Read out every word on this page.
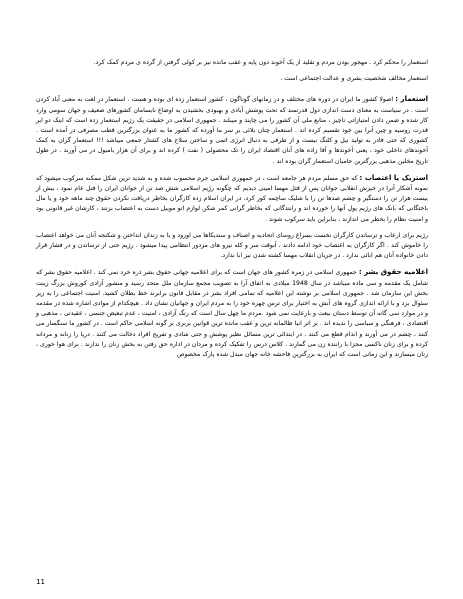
استعمار را محکم کرد . مهجور بودن مردم و تقلید از یک آخوند دون پایه و عقب مانده نیز بر کولی گرفتن از گرده ی مردم کمک کرد.

استعمار مخالف شخصیت بشری و عدالت اجتماعی است .

استعمار : اصولا کشور ما ایران در دوره های مختلف و در زمانهای گوناگون ، کشور استعمار زده ای بوده و هست . استعمار در لغت به معنی آباد کردن است . در سیاست به معنای دست اندازی دول قدرتمند که تحت پوشش آبادی و بهبودی بخشیدن به اوضاع نابسامان کشورهای ضعیف و جهان سومی وارد کار شده و ضمن دادن امتیازاتی ناچیز ، منابع ملی آن کشور را می چاپند و میبلند . جمهوری اسلامی در حقیقت یک رژیم استعمار زده است که اینک دو ابر قدرت روسیه و چین آنرا بین خود تقسیم کرده اند . استعمار چنان بلائی بر سر ما آورده که کشور ما به عنوان بزرگترین قطب مصرفی در آمده است . کشوری که حتی قادر به تولید نیل و کلنگ نیست و از طرفی به دنبال انرژی اتمی و ساختن سلاح های کشتار جمعی میباشد !!! استعمار گران به کمک آخوندهای داخلی خود ، یعنی آخوندها و آقا زاده های آنان اقتصاد ایران را تک محصولی ( نفت ) کرده اند و برای آن هزار بامبول در می آورند . در طول تاریخ مخلین مذهبی بزرگترین حامیان استعمار گران بوده اند .

استریک یا اعتصاب : که حق مسلم مردم هر جامعه است ، در جمهوری اسلامی جرم محسوب شده و به شدید ترین شکل ممکنه سرکوب میشود که نمونه آشکار آنرا در خیزش انقلابی جوانان پس از قتل مهسا امینی دیدیم که چگونه رژیم اسلامی شش صد تن از جوانان ایران را قتل عام نمود ، بیش از بیست هزار تن را دستگیر و چشم صدها تن را با شلیک ساچمه کور کرد. در ایران اسلام زده کارگران بخاطر دریافت نکردن حقوق چند ماهه خود و یا مال باختگانی که بانک های رژیم پول آنها را خورده اند و رانندگانی که بخاطر گرانی کمر شکن لوازم اتو موبیل دست به اعتصاب بزنند ، کارشان غیر قانونی بود و امنیت نظام را بخطر می اندازند ، بنابراین باید سرکوب شوند .

رژیم برای ارعاب و ترساندن کارگران نخست بسراغ روسای اتحادیه و اصناف و سندیکاها می اورود و با به زندان انداختن و شکنجه آنان می خواهد اعتصاب را خاموش کند . اگر کارگران به اعتصاب خود ادامه دادند ، آنوقت سر و کله نیرو های مزدور انتظامی پیدا میشود . رژیم حتی از ترساندن و در فشار قرار دادن خانواده آنان هم ابائی ندارد . در جریان انقلاب مهسا کشته شدن نیز ابا ندارد.

اعلامیه حقوق بشر : جمهوری اسلامی در زمره کشور های جهان است که برای اعلامیه جهانی حقوق بشر ذره خرد نمی کند . اعلامیه حقوق بشر که شامل یک مقدمه و سی ماده میباشد در سال 1948 میلادی به اتفاق آرا به تصویب مجمع سازمان ملل متحد رسید و منشور آزادی کوروش بزرگ زینت بخش این سازمان شد . جمهوری اسلامی بر نوشته این اعلامیه که تمامی افراد بشر در مقابل قانون برابرند خط بطلان کشید. امنیت اجتماعی را به زیر سئوال برد و با ارائه اندازی گروه های آنش به اختیار برای ترس چهره خود را به مردم ایران و جهانیان نشان داد . هیچکدام از موادی اشاره شده در مقدمه و در موارد سی گانه آن توسط دستان بیعت و بارعایت نمی شود .مردم ما چهل سال است که رنگ آزادی ، امنیت ، عدم تبعیض جنسی ، عقیدتی ، مذهبی و اقتصادی ، فرهنگی و سیاسی را ندیده اند . بر اثر انیا ظالمانه ترین و عقب مانده ترین قوانین بربری بر گونه اسلامی حاکم است . در کشور ما سنگسار می کنند ، چشم در می آورند و اندام قطع می کنند . در ابتدائی ترین مسائل نظیر پوشش و حتی شادی و تفریح افراد دخالت می کنند . دریا را زنانه و مردانه کرده و برای زنان ناکسی مجزا با راننده زن می گمارند . کلاس درس را تفکیک کرده و مردان در اداره حق رفتن به بخش زنان را ندارند . برای هوا خوری ، زنان میسازند و این زمانی است که ایران به بزرگترین فاحشه خانه جهان مبدل شده پارک مخصوص

11
